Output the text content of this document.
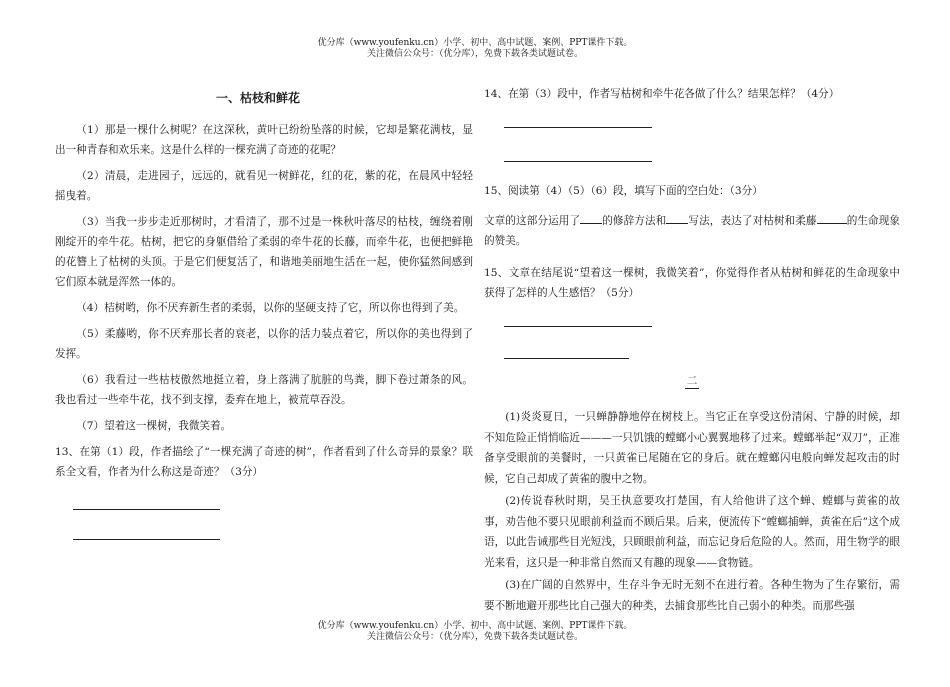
优分库（www.youfenku.cn）小学、初中、高中试题、案例、PPT课件下载。
关注微信公众号：（优分库），免费下载各类试题试卷。

一、枯枝和鲜花

（1）那是一棵什么树呢？在这深秋，黄叶已纷纷坠落的时候，它却是繁花满枝，显出一种青春和欢乐来。这是什么样的一棵充满了奇迹的花呢？

（2）清晨，走进园子，远远的，就看见一树鲜花，红的花，紫的花，在晨风中轻轻摇曳着。

（3）当我一步步走近那树时，才看清了，那不过是一株秋叶落尽的枯枝，缠绕着刚刚绽开的牵牛花。枯树，把它的身躯借给了柔弱的牵牛花的长藤，而牵牛花，也便把鲜艳的花簪上了枯树的头顶。于是它们便复活了，和谐地美丽地生活在一起，使你猛然间感到它们原本就是浑然一体的。

（4）桔树哟，你不厌弃新生者的柔弱，以你的坚硬支持了它，所以你也得到了美。

（5）柔藤哟，你不厌弃那长者的衰老，以你的活力装点着它，所以你的美也得到了发挥。

（6）我看过一些枯枝傲然地挺立着，身上落满了肮脏的鸟粪，脚下卷过萧条的风。我也看过一些牵牛花，找不到支撑，委弃在地上，被荒草吞没。

（7）望着这一棵树，我微笑着。

13、在第（1）段，作者描绘了“一棵充满了奇迹的树”，作者看到了什么奇异的景象？联系全文看，作者为什么称这是奇迹？（3分）

14、在第（3）段中，作者写枯树和牵牛花各做了什么？结果怎样？（4分）

15、阅读第（4）（5）（6）段，填写下面的空白处：（3分）

文章的这部分运用了 的修辞方法和 写法，表达了对枯树和柔藤	的生命现象的赞美。

15、文章在结尾说“望着这一棵树，我微笑着”，你觉得作者从枯树和鲜花的生命现象中获得了怎样的人生感悟？（5分）

二

(1)炎炎夏日，一只蝉静静地停在树枝上。当它正在享受这份清闲、宁静的时候，却不知危险正悄悄临近———一只饥饿的螳螂小心翼翼地移了过来。螳螂举起“双刀”，正准备享受眼前的美餐时，一只黄雀已尾随在它的身后。就在螳螂闪电般向蝉发起攻击的时候，它自己却成了黄雀的腹中之物。

(2)传说春秋时期，吴王执意要攻打楚国，有人给他讲了这个蝉、螳螂与黄雀的故事，劝告他不要只见眼前利益而不顾后果。后来，便流传下“螳螂捕蝉，黄雀在后”这个成语，以此告诫那些目光短浅，只顾眼前利益，而忘记身后危险的人。然而，用生物学的眼光来看，这只是一种非常自然而又有趣的现象——食物链。

(3)在广阔的自然界中，生存斗争无时无刻不在进行着。各种生物为了生存繁衍，需要不断地避开那些比自己强大的种类，去捕食那些比自己弱小的种类。而那些强

优分库（www.youfenku.cn）小学、初中、高中试题、案例、PPT课件下载。
关注微信公众号：（优分库），免费下载各类试题试卷。
